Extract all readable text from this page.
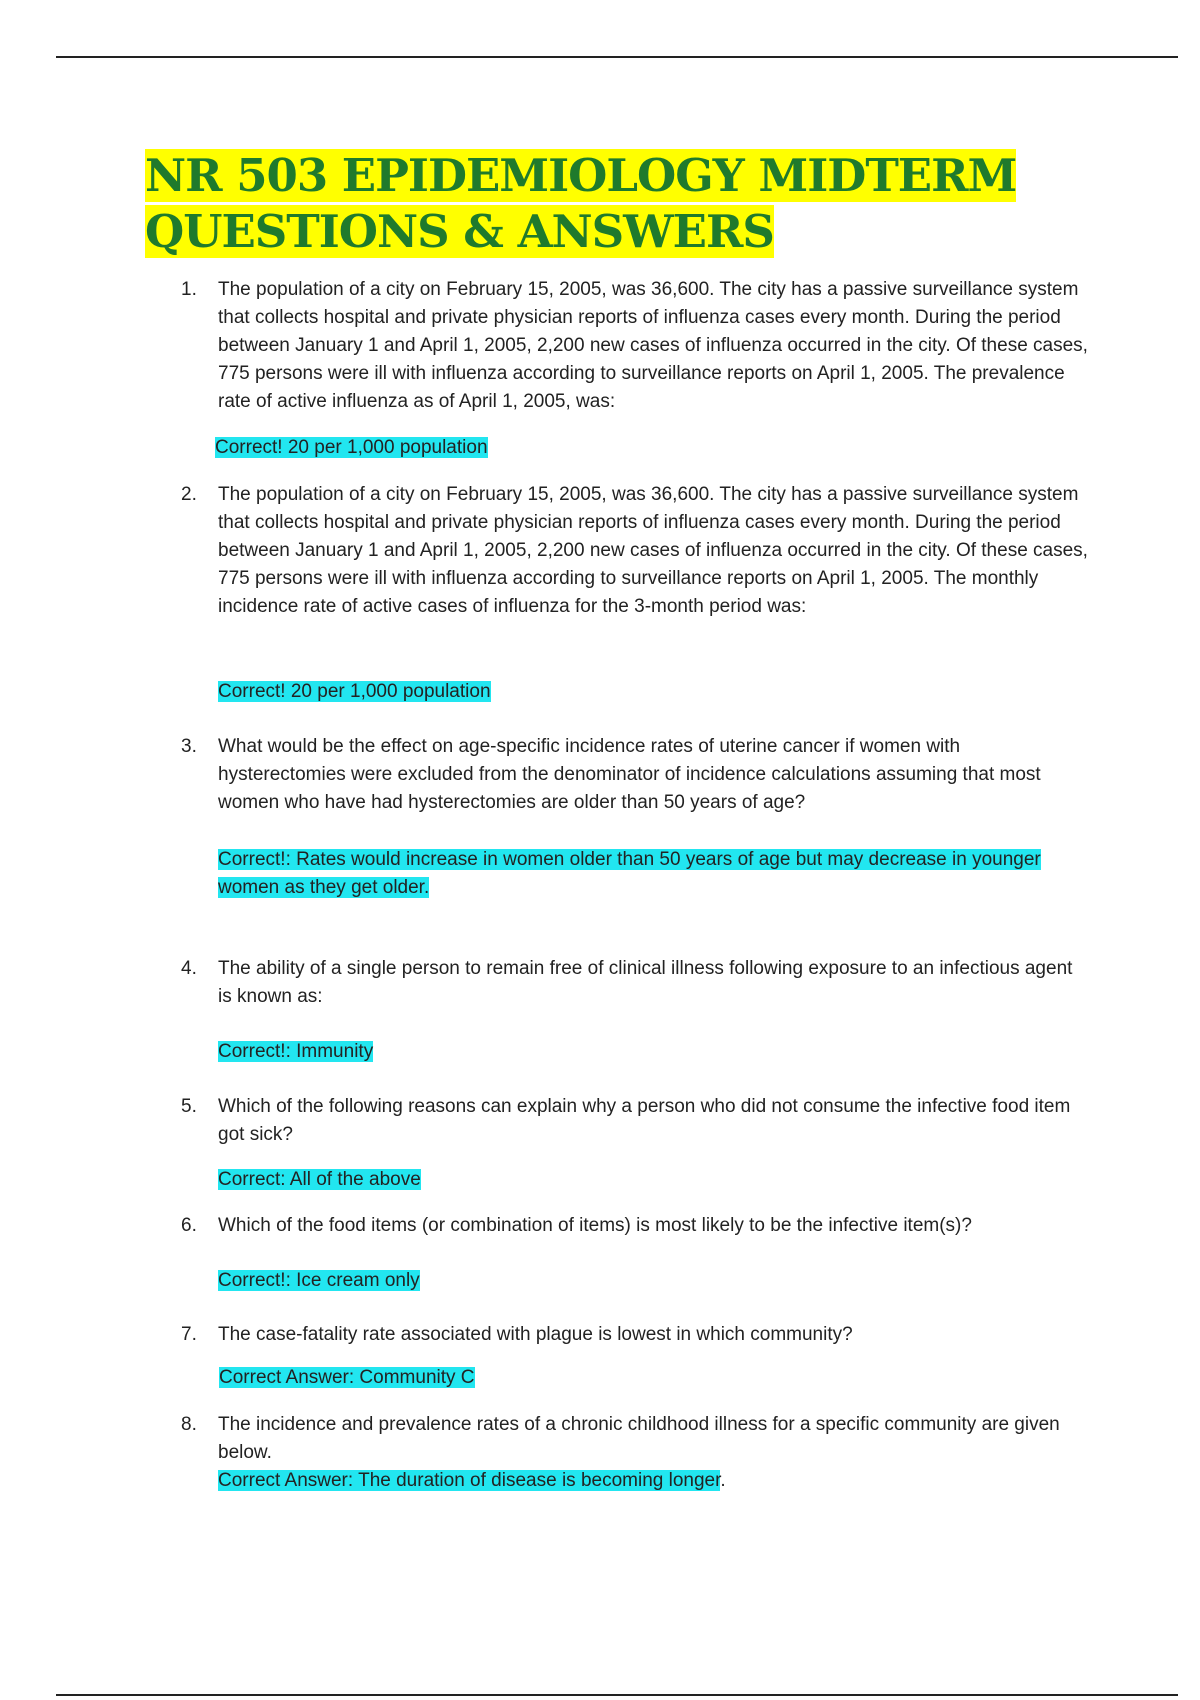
NR 503 EPIDEMIOLOGY MIDTERM
QUESTIONS & ANSWERS
1. The population of a city on February 15, 2005, was 36,600. The city has a passive surveillance system that collects hospital and private physician reports of influenza cases every month. During the period between January 1 and April 1, 2005, 2,200 new cases of influenza occurred in the city. Of these cases, 775 persons were ill with influenza according to surveillance reports on April 1, 2005. The prevalence rate of active influenza as of April 1, 2005, was:

Correct! 20 per 1,000 population

2. The population of a city on February 15, 2005, was 36,600. The city has a passive surveillance system that collects hospital and private physician reports of influenza cases every month. During the period between January 1 and April 1, 2005, 2,200 new cases of influenza occurred in the city. Of these cases, 775 persons were ill with influenza according to surveillance reports on April 1, 2005. The monthly incidence rate of active cases of influenza for the 3-month period was:

Correct! 20 per 1,000 population

3. What would be the effect on age-specific incidence rates of uterine cancer if women with hysterectomies were excluded from the denominator of incidence calculations assuming that most women who have had hysterectomies are older than 50 years of age?

Correct!: Rates would increase in women older than 50 years of age but may decrease in younger women as they get older.

4. The ability of a single person to remain free of clinical illness following exposure to an infectious agent is known as:

Correct!: Immunity

5. Which of the following reasons can explain why a person who did not consume the infective food item got sick?

Correct: All of the above

6. Which of the food items (or combination of items) is most likely to be the infective item(s)?

Correct!: Ice cream only

7. The case-fatality rate associated with plague is lowest in which community?

Correct Answer: Community C

8. The incidence and prevalence rates of a chronic childhood illness for a specific community are given below.

Correct Answer: The duration of disease is becoming longer.
